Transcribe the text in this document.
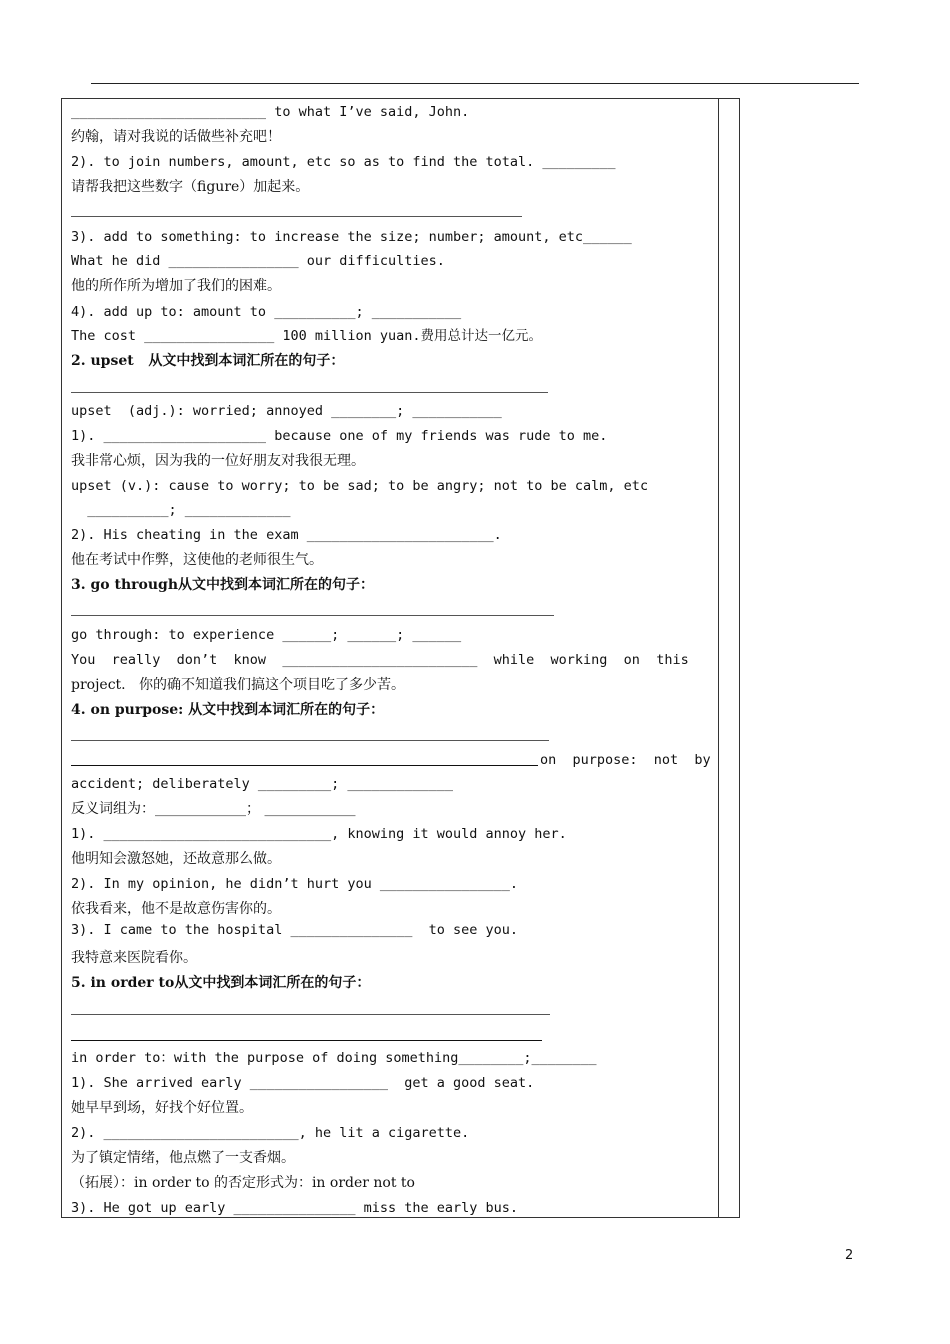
________________________ to what I’ve said, John.
约翰，请对我说的话做些补充吧！
2). to join numbers, amount, etc so as to find the total. _________
请帮我把这些数字（figure）加起来。
3). add to something: to increase the size; number; amount, etc______
What he did ________________ our difficulties.
他的所作所为增加了我们的困难。
4). add up to: amount to __________; ___________
The cost ________________ 100 million yuan.费用总计达一亿元。
2. upset   从文中找到本词汇所在的句子：
upset  (adj.): worried; annoyed ________; ___________
1). ____________________ because one of my friends was rude to me.
我非常心烦，因为我的一位好朋友对我很无理。
upset (v.): cause to worry; to be sad; to be angry; not to be calm, etc
__________; _____________
2). His cheating in the exam _______________________.
他在考试中作弊，这使他的老师很生气。
3. go through从文中找到本词汇所在的句子：
go through: to experience ______; ______; ______
You  really  don’t  know  ________________________  while  working  on  this
project.   你的确不知道我们搞这个项目吃了多少苦。
4. on purpose: 从文中找到本词汇所在的句子：
on  purpose:  not  by
accident; deliberately _________; _____________
反义词组为：_____________； _____________
1). ____________________________, knowing it would annoy her.
他明知会激怒她，还故意那么做。
2). In my opinion, he didn’t hurt you ________________.
依我看来，他不是故意伤害你的。
3). I came to the hospital _______________  to see you.
我特意来医院看你。
5. in order to从文中找到本词汇所在的句子：
in order to：with the purpose of doing something________;________
1). She arrived early _________________  get a good seat.
她早早到场，好找个好位置。
2). ________________________, he lit a cigarette.
为了镇定情绪，他点燃了一支香烟。
（拓展）：in order to 的否定形式为：in order not to
3). He got up early _______________ miss the early bus.
2
